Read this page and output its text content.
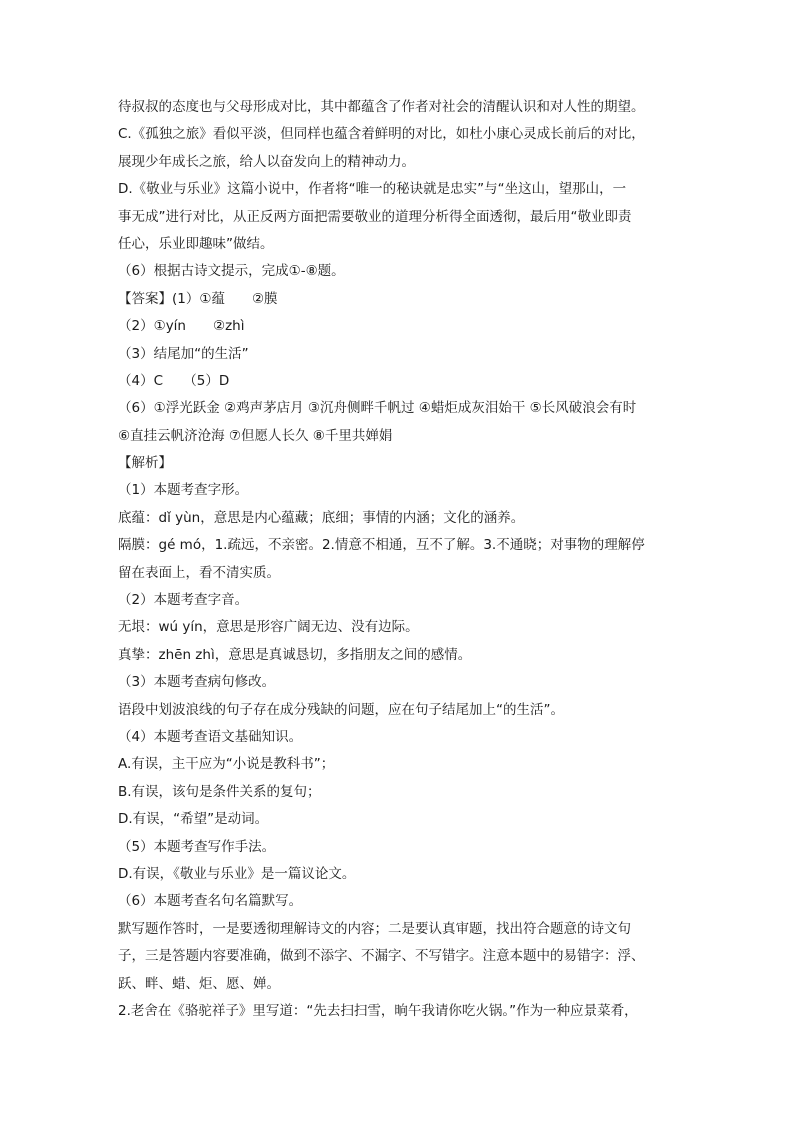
待叔叔的态度也与父母形成对比，其中都蕴含了作者对社会的清醒认识和对人性的期望。
C.《孤独之旅》看似平淡，但同样也蕴含着鲜明的对比，如杜小康心灵成长前后的对比，
展现少年成长之旅，给人以奋发向上的精神动力。
D.《敬业与乐业》这篇小说中，作者将“唯一的秘诀就是忠实”与“坐这山，望那山，一
事无成”进行对比，从正反两方面把需要敬业的道理分析得全面透彻，最后用“敬业即责
任心，乐业即趣味”做结。
（6）根据古诗文提示，完成①-⑧题。
【答案】(1）①蕴　　②膜
（2）①yín　　②zhì
（3）结尾加“的生活”
（4）C　　（5）D
（6）①浮光跃金 ②鸡声茅店月 ③沉舟侧畔千帆过 ④蜡炬成灰泪始干 ⑤长风破浪会有时
⑥直挂云帆济沧海 ⑦但愿人长久 ⑧千里共婵娟
【解析】
（1）本题考查字形。
底蕴：dǐ yùn，意思是内心蕴藏；底细；事情的内涵；文化的涵养。
隔膜：gé mó，1.疏远，不亲密。2.情意不相通，互不了解。3.不通晓；对事物的理解停
留在表面上，看不清实质。
（2）本题考查字音。
无垠：wú yín，意思是形容广阔无边、没有边际。
真挚：zhēn zhì，意思是真诚恳切，多指朋友之间的感情。
（3）本题考查病句修改。
语段中划波浪线的句子存在成分残缺的问题，应在句子结尾加上“的生活”。
（4）本题考查语文基础知识。
A.有误，主干应为“小说是教科书”；
B.有误，该句是条件关系的复句；
D.有误，“希望”是动词。
（5）本题考查写作手法。
D.有误，《敬业与乐业》是一篇议论文。
（6）本题考查名句名篇默写。
默写题作答时，一是要透彻理解诗文的内容；二是要认真审题，找出符合题意的诗文句
子，三是答题内容要准确，做到不添字、不漏字、不写错字。注意本题中的易错字：浮、
跃、畔、蜡、炬、愿、婵。
2.老舍在《骆驼祥子》里写道：“先去扫扫雪，晌午我请你吃火锅。”作为一种应景菜肴，
